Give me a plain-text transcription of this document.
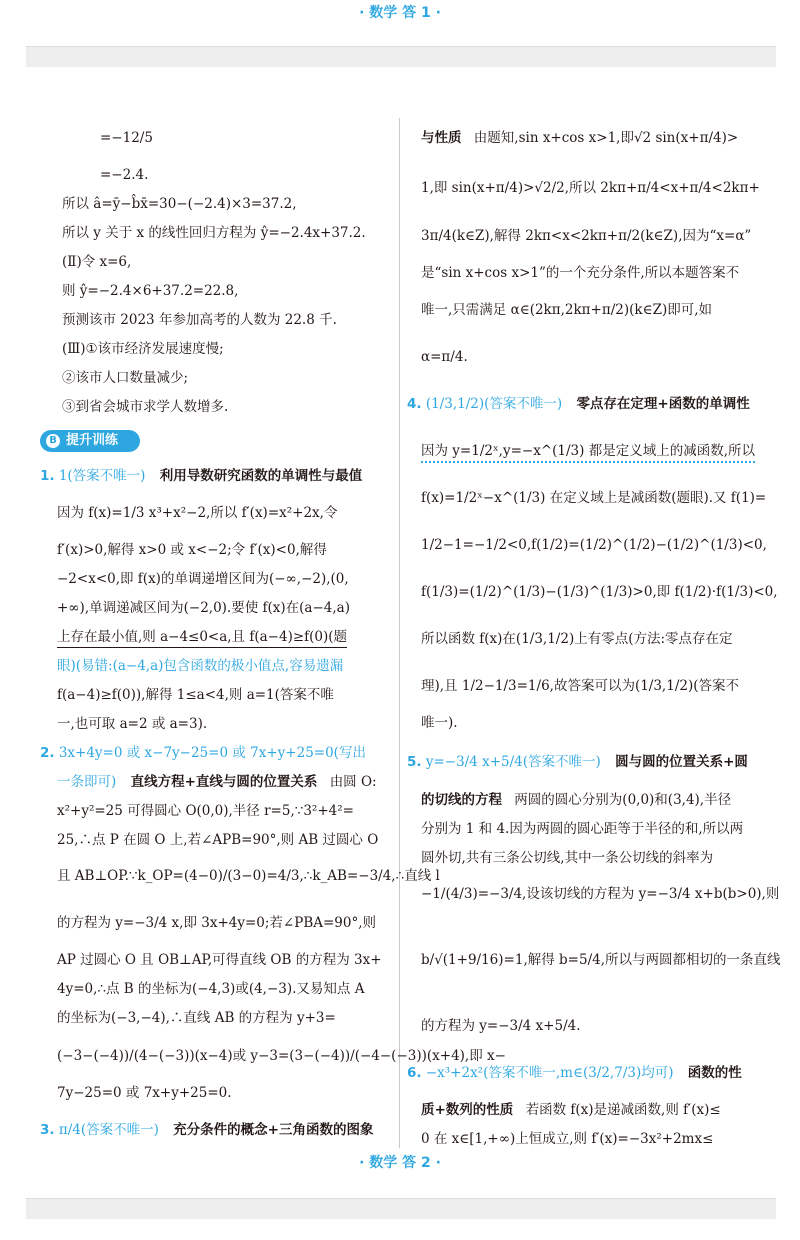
· 数学 答 1 ·
=−12/5
=−2.4.
所以 â=ȳ−b̂x̄=30−(−2.4)×3=37.2,
所以 y 关于 x 的线性回归方程为 ŷ=−2.4x+37.2.
(Ⅱ)令 x=6,
则 ŷ=−2.4×6+37.2=22.8,
预测该市 2023 年参加高考的人数为 22.8 千.
(Ⅲ)①该市经济发展速度慢;
②该市人口数量减少;
③到省会城市求学人数增多.
B 提升训练
1. 1(答案不唯一) 利用导数研究函数的单调性与最值
因为 f(x)=1/3 x³+x²−2,所以 f′(x)=x²+2x,令
f′(x)>0,解得 x>0 或 x<−2;令 f′(x)<0,解得
−2<x<0,即 f(x)的单调递增区间为(−∞,−2),(0,
+∞),单调递减区间为(−2,0).要使 f(x)在(a−4,a)
上存在最小值,则 a−4≤0<a,且 f(a−4)≥f(0)(题
眼)(易错:(a−4,a)包含函数的极小值点,容易遗漏
f(a−4)≥f(0)),解得 1≤a<4,则 a=1(答案不唯
一,也可取 a=2 或 a=3).
2. 3x+4y=0 或 x−7y−25=0 或 7x+y+25=0(写出
一条即可) 直线方程+直线与圆的位置关系 由圆 O:
x²+y²=25 可得圆心 O(0,0),半径 r=5,∵3²+4²=
25,∴点 P 在圆 O 上,若∠APB=90°,则 AB 过圆心 O
且 AB⊥OP.∵k_OP=(4−0)/(3−0)=4/3,∴k_AB=−3/4,∴直线 l
的方程为 y=−3/4 x,即 3x+4y=0;若∠PBA=90°,则
AP 过圆心 O 且 OB⊥AP,可得直线 OB 的方程为 3x+
4y=0,∴点 B 的坐标为(−4,3)或(4,−3).又易知点 A
的坐标为(−3,−4),∴直线 AB 的方程为 y+3=
(−3−(−4))/(4−(−3))(x−4)或 y−3=(3−(−4))/(−4−(−3))(x+4),即 x−
7y−25=0 或 7x+y+25=0.
3. π/4(答案不唯一) 充分条件的概念+三角函数的图象
与性质 由题知,sin x+cos x>1,即√2 sin(x+π/4)>
1,即 sin(x+π/4)>√2/2,所以 2kπ+π/4<x+π/4<2kπ+
3π/4(k∈Z),解得 2kπ<x<2kπ+π/2(k∈Z),因为“x=α”
是“sin x+cos x>1”的一个充分条件,所以本题答案不
唯一,只需满足 α∈(2kπ,2kπ+π/2)(k∈Z)即可,如
α=π/4.
4. (1/3,1/2)(答案不唯一) 零点存在定理+函数的单调性
因为 y=1/2ˣ,y=−x^(1/3) 都是定义域上的减函数,所以
f(x)=1/2ˣ−x^(1/3) 在定义域上是减函数(题眼).又 f(1)=
1/2−1=−1/2<0,f(1/2)=(1/2)^(1/2)−(1/2)^(1/3)<0,
f(1/3)=(1/2)^(1/3)−(1/3)^(1/3)>0,即 f(1/2)·f(1/3)<0,
所以函数 f(x)在(1/3,1/2)上有零点(方法:零点存在定
理),且 1/2−1/3=1/6,故答案可以为(1/3,1/2)(答案不
唯一).
5. y=−3/4 x+5/4(答案不唯一) 圆与圆的位置关系+圆
的切线的方程 两圆的圆心分别为(0,0)和(3,4),半径
分别为 1 和 4.因为两圆的圆心距等于半径的和,所以两
圆外切,共有三条公切线,其中一条公切线的斜率为
−1/(4/3)=−3/4,设该切线的方程为 y=−3/4 x+b(b>0),则
b/√(1+9/16)=1,解得 b=5/4,所以与两圆都相切的一条直线
的方程为 y=−3/4 x+5/4.
6. −x³+2x²(答案不唯一,m∈(3/2,7/3)均可) 函数的性
质+数列的性质 若函数 f(x)是递减函数,则 f′(x)≤
0 在 x∈[1,+∞)上恒成立,则 f′(x)=−3x²+2mx≤
· 数学 答 2 ·
